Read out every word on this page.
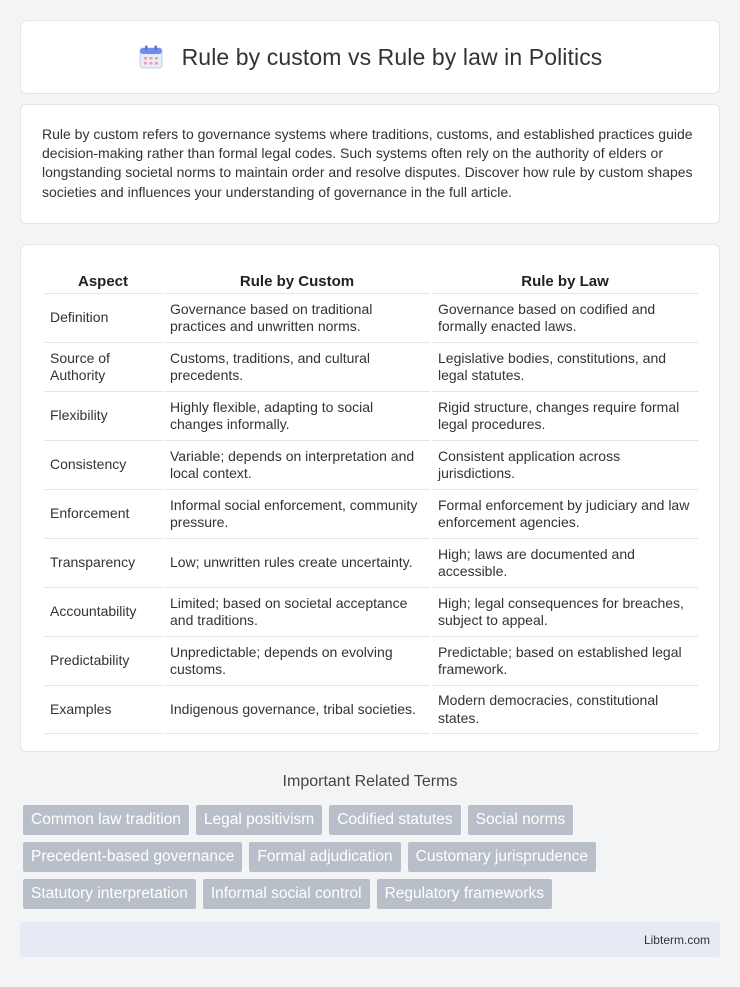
Rule by custom vs Rule by law in Politics

Rule by custom refers to governance systems where traditions, customs, and established practices guide decision-making rather than formal legal codes. Such systems often rely on the authority of elders or longstanding societal norms to maintain order and resolve disputes. Discover how rule by custom shapes societies and influences your understanding of governance in the full article.

Aspect	Rule by Custom	Rule by Law
Definition	Governance based on traditional practices and unwritten norms.	Governance based on codified and formally enacted laws.
Source of Authority	Customs, traditions, and cultural precedents.	Legislative bodies, constitutions, and legal statutes.
Flexibility	Highly flexible, adapting to social changes informally.	Rigid structure, changes require formal legal procedures.
Consistency	Variable; depends on interpretation and local context.	Consistent application across jurisdictions.
Enforcement	Informal social enforcement, community pressure.	Formal enforcement by judiciary and law enforcement agencies.
Transparency	Low; unwritten rules create uncertainty.	High; laws are documented and accessible.
Accountability	Limited; based on societal acceptance and traditions.	High; legal consequences for breaches, subject to appeal.
Predictability	Unpredictable; depends on evolving customs.	Predictable; based on established legal framework.
Examples	Indigenous governance, tribal societies.	Modern democracies, constitutional states.
Important Related Terms
Common law tradition	Legal positivism	Codified statutes	Social norms
Precedent-based governance	Formal adjudication	Customary jurisprudence
Statutory interpretation	Informal social control	Regulatory frameworks
Libterm.com
